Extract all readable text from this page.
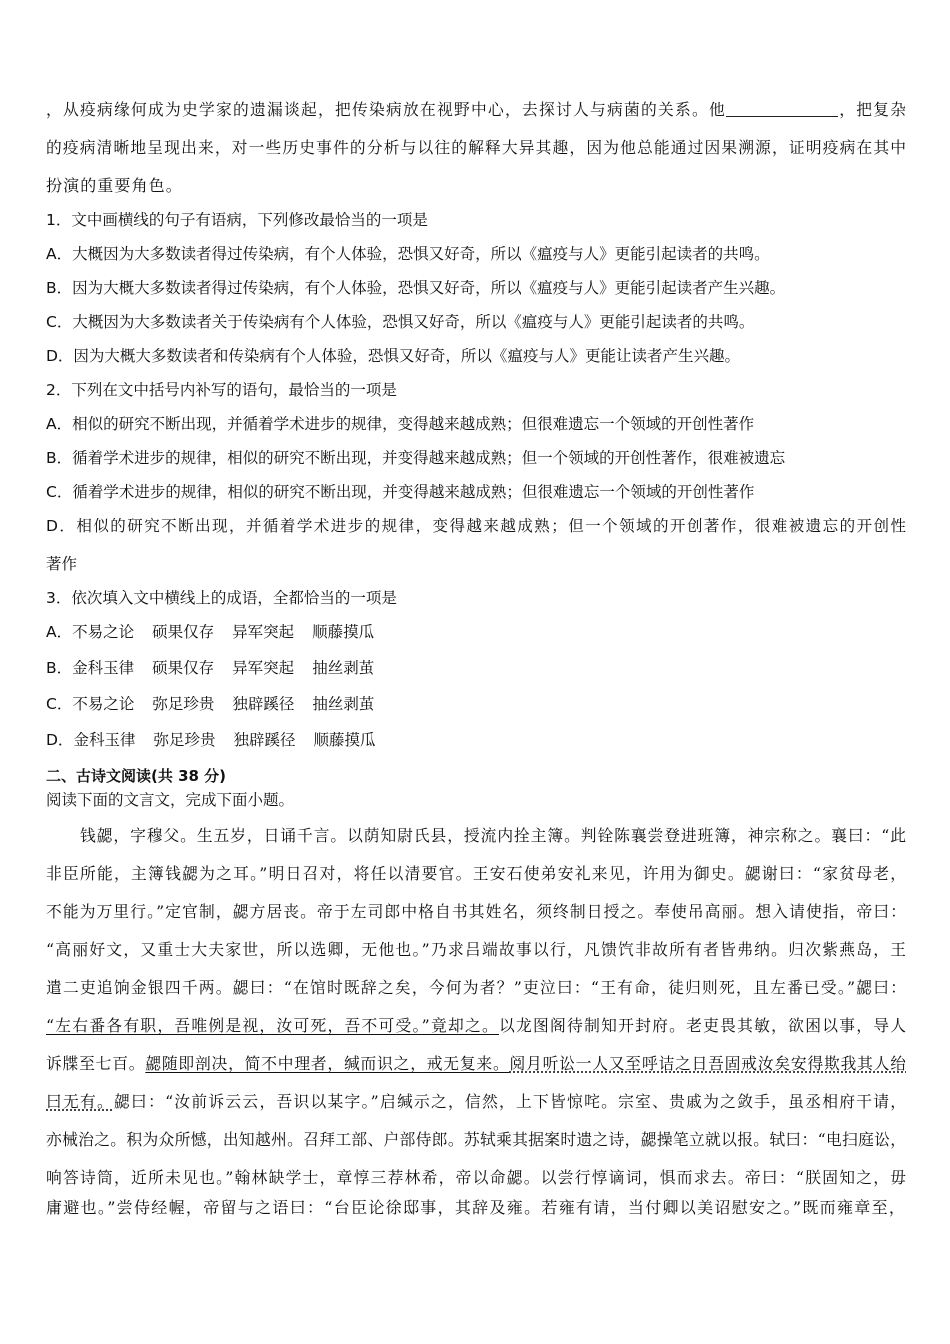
，从疫病缘何成为史学家的遗漏谈起，把传染病放在视野中心，去探讨人与病菌的关系。他	，把复杂
的疫病清晰地呈现出来，对一些历史事件的分析与以往的解释大异其趣，因为他总能通过因果溯源，证明疫病在其中
扮演的重要角色。
1．文中画横线的句子有语病，下列修改最恰当的一项是
A．大概因为大多数读者得过传染病，有个人体验，恐惧又好奇，所以《瘟疫与人》更能引起读者的共鸣。
B．因为大概大多数读者得过传染病，有个人体验，恐惧又好奇，所以《瘟疫与人》更能引起读者产生兴趣。
C．大概因为大多数读者关于传染病有个人体验，恐惧又好奇，所以《瘟疫与人》更能引起读者的共鸣。
D．因为大概大多数读者和传染病有个人体验，恐惧又好奇，所以《瘟疫与人》更能让读者产生兴趣。
2．下列在文中括号内补写的语句，最恰当的一项是
A．相似的研究不断出现，并循着学术进步的规律，变得越来越成熟；但很难遗忘一个领域的开创性著作
B．循着学术进步的规律，相似的研究不断出现，并变得越来越成熟；但一个领域的开创性著作，很难被遗忘
C．循着学术进步的规律，相似的研究不断出现，并变得越来越成熟；但很难遗忘一个领域的开创性著作
D．相似的研究不断出现，并循着学术进步的规律，变得越来越成熟；但一个领域的开创著作，很难被遗忘的开创性
著作
3．依次填入文中横线上的成语，全都恰当的一项是
A．不易之论 硕果仅存 异军突起 顺藤摸瓜
B．金科玉律 硕果仅存 异军突起 抽丝剥茧
C．不易之论 弥足珍贵 独辟蹊径 抽丝剥茧
D．金科玉律 弥足珍贵 独辟蹊径 顺藤摸瓜
二、古诗文阅读(共 38 分)
阅读下面的文言文，完成下面小题。
钱勰，字穆父。生五岁，日诵千言。以荫知尉氏县，授流内拴主簿。判铨陈襄尝登进班簿，神宗称之。襄曰：“此
非臣所能，主簿钱勰为之耳。”明日召对，将任以清要官。王安石使弟安礼来见，许用为御史。勰谢曰：“家贫母老，
不能为万里行。”定官制，勰方居丧。帝于左司郎中格自书其姓名，须终制日授之。奉使吊高丽。想入请使指，帝曰：
“高丽好文，又重士大夫家世，所以选卿，无他也。”乃求吕端故事以行，凡馈饩非故所有者皆弗纳。归次紫燕岛，王
遣二吏追饷金银四千两。勰曰：“在馆时既辞之矣，今何为者？”吏泣曰：“王有命，徒归则死，且左番已受。”勰曰：
“左右番各有职，吾唯例是视，汝可死，吾不可受。”竟却之。以龙图阁待制知开封府。老吏畏其敏，欲困以事，导人
诉牒至七百。勰随即剖决，简不中理者，缄而识之，戒无复来。阅月听讼一人又至呼诘之日吾固戒汝矣安得欺我其人绐
曰无有。勰曰：“汝前诉云云，吾识以某字。”启缄示之，信然，上下皆惊咤。宗室、贵戚为之敛手，虽丞相府干请，
亦械治之。积为众所憾，出知越州。召拜工部、户部侍郎。苏轼乘其据案时遗之诗，勰操笔立就以报。轼曰：“电扫庭讼，
响答诗筒，近所未见也。”翰林缺学士，章惇三荐林希，帝以命勰。以尝行惇谪词，惧而求去。帝曰：“朕固知之，毋
庸避也。”尝侍经幄，帝留与之语曰：“台臣论徐邸事，其辞及雍。若雍有请，当付卿以美诏慰安之。”既而雍章至，
